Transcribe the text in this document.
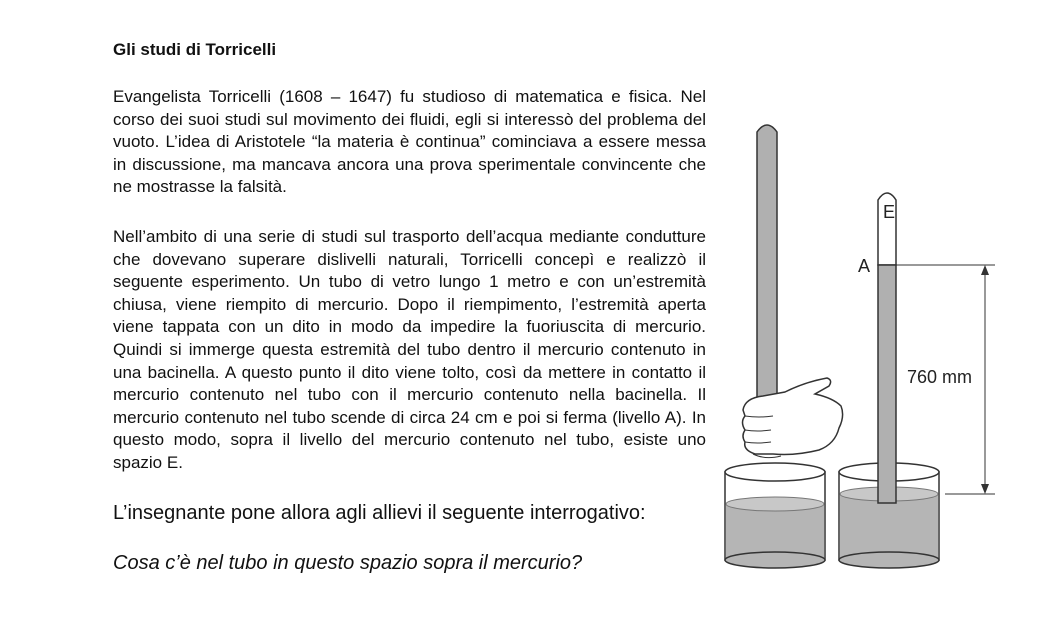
Gli studi di Torricelli
Evangelista Torricelli (1608 – 1647) fu studioso di matematica e fisica. Nel corso dei suoi studi sul movimento dei fluidi, egli si interessò del problema del vuoto. L’idea di Aristotele “la materia è continua” cominciava a essere messa in discussione, ma mancava ancora una prova sperimentale convincente che ne mostrasse la falsità.
Nell’ambito di una serie di studi sul trasporto dell’acqua mediante condutture che dovevano superare dislivelli naturali, Torricelli concepì e realizzò il seguente esperimento. Un tubo di vetro lungo 1 metro e con un’estremità chiusa, viene riempito di mercurio. Dopo il riempimento, l’estremità aperta viene tappata con un dito in modo da impedire la fuoriuscita di mercurio. Quindi si immerge questa estremità del tubo dentro il mercurio contenuto in una bacinella. A questo punto il dito viene tolto, così da mettere in contatto il mercurio contenuto nel tubo con il mercurio contenuto nella bacinella. Il mercurio contenuto nel tubo scende di circa 24 cm e poi si ferma (livello A). In questo modo, sopra il livello del mercurio contenuto nel tubo, esiste uno spazio E.
L’insegnante pone allora agli allievi il seguente interrogativo:
Cosa c’è nel tubo in questo spazio sopra il mercurio?
E
A
760 mm
